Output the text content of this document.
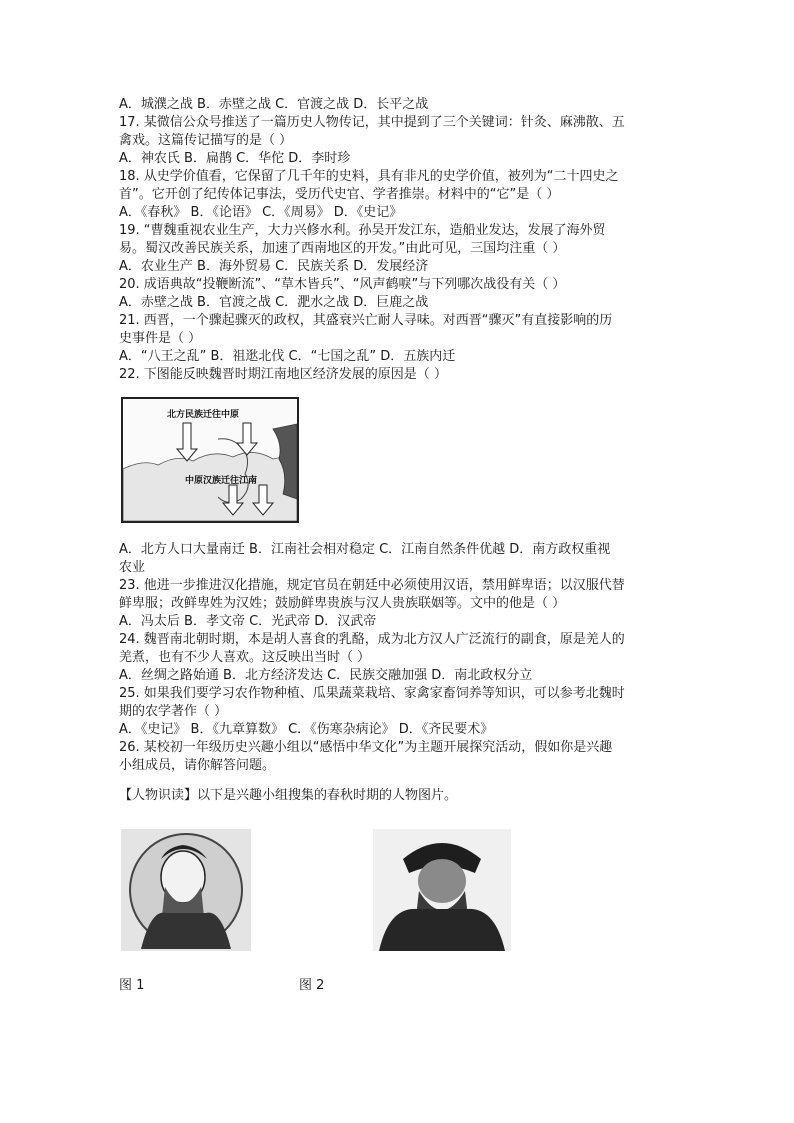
A．城濮之战 B．赤壁之战 C．官渡之战 D．长平之战
17. 某微信公众号推送了一篇历史人物传记，其中提到了三个关键词：针灸、麻沸散、五
禽戏。这篇传记描写的是（ ）
A．神农氏 B．扁鹊 C．华佗 D．李时珍
18. 从史学价值看，它保留了几千年的史料，具有非凡的史学价值，被列为“二十四史之
首”。它开创了纪传体记事法，受历代史官、学者推崇。材料中的“它”是（ ）
A．《春秋》 B．《论语》 C．《周易》 D．《史记》
19. “曹魏重视农业生产，大力兴修水利。孙吴开发江东，造船业发达，发展了海外贸
易。蜀汉改善民族关系，加速了西南地区的开发。”由此可见，三国均注重（ ）
A．农业生产 B．海外贸易 C．民族关系 D．发展经济
20. 成语典故“投鞭断流”、“草木皆兵”、“风声鹤唳”与下列哪次战役有关（ ）
A．赤壁之战 B．官渡之战 C．淝水之战 D．巨鹿之战
21. 西晋，一个骤起骤灭的政权，其盛衰兴亡耐人寻味。对西晋“骤灭”有直接影响的历
史事件是（ ）
A．“八王之乱” B．祖逖北伐 C．“七国之乱” D．五族内迁
22. 下图能反映魏晋时期江南地区经济发展的原因是（ ）
北方民族迁往中原
中原汉族迁往江南
A．北方人口大量南迁 B．江南社会相对稳定 C．江南自然条件优越 D．南方政权重视
农业
23. 他进一步推进汉化措施，规定官员在朝廷中必须使用汉语，禁用鲜卑语；以汉服代替
鲜卑服；改鲜卑姓为汉姓；鼓励鲜卑贵族与汉人贵族联姻等。文中的他是（ ）
A．冯太后 B．孝文帝 C．光武帝 D．汉武帝
24. 魏晋南北朝时期，本是胡人喜食的乳酪，成为北方汉人广泛流行的副食，原是羌人的
羌煮，也有不少人喜欢。这反映出当时（ ）
A．丝绸之路始通 B．北方经济发达 C．民族交融加强 D．南北政权分立
25. 如果我们要学习农作物种植、瓜果蔬菜栽培、家禽家畜饲养等知识，可以参考北魏时
期的农学著作（ ）
A．《史记》 B．《九章算数》 C．《伤寒杂病论》 D．《齐民要术》
26. 某校初一年级历史兴趣小组以“感悟中华文化”为主题开展探究活动，假如你是兴趣
小组成员，请你解答问题。
【人物识读】以下是兴趣小组搜集的春秋时期的人物图片。
图 1	图 2
